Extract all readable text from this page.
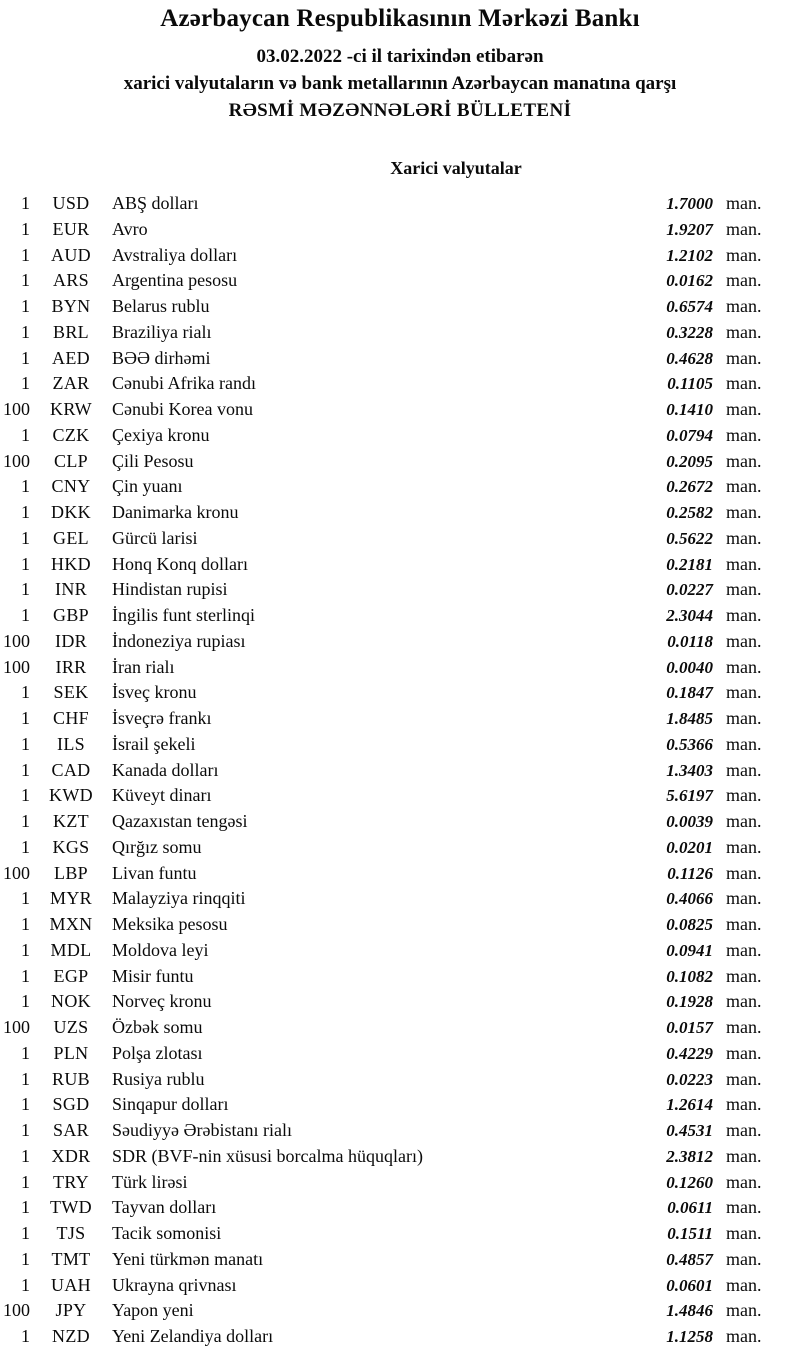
Azərbaycan Respublikasının Mərkəzi Bankı
03.02.2022 -ci il tarixindən etibarən
xarici valyutaların və bank metallarının Azərbaycan manatına qarşı
RƏSMİ MƏZƏNNƏLƏRİ BÜLLETENİ
Xarici valyutalar
1	USD	ABŞ dolları	1.7000 man.
1	EUR	Avro	1.9207 man.
1	AUD	Avstraliya dolları	1.2102 man.
1	ARS	Argentina pesosu	0.0162 man.
1	BYN	Belarus rublu	0.6574 man.
1	BRL	Braziliya rialı	0.3228 man.
1	AED	BƏƏ dirhəmi	0.4628 man.
1	ZAR	Cənubi Afrika randı	0.1105 man.
100	KRW	Cənubi Korea vonu	0.1410 man.
1	CZK	Çexiya kronu	0.0794 man.
100	CLP	Çili Pesosu	0.2095 man.
1	CNY	Çin yuanı	0.2672 man.
1	DKK	Danimarka kronu	0.2582 man.
1	GEL	Gürcü larisi	0.5622 man.
1	HKD	Honq Konq dolları	0.2181 man.
1	INR	Hindistan rupisi	0.0227 man.
1	GBP	İngilis funt sterlinqi	2.3044 man.
100	IDR	İndoneziya rupiası	0.0118 man.
100	IRR	İran rialı	0.0040 man.
1	SEK	İsveç kronu	0.1847 man.
1	CHF	İsveçrə frankı	1.8485 man.
1	ILS	İsrail şekeli	0.5366 man.
1	CAD	Kanada dolları	1.3403 man.
1	KWD	Küveyt dinarı	5.6197 man.
1	KZT	Qazaxıstan tengəsi	0.0039 man.
1	KGS	Qırğız somu	0.0201 man.
100	LBP	Livan funtu	0.1126 man.
1	MYR	Malayziya rinqqiti	0.4066 man.
1	MXN	Meksika pesosu	0.0825 man.
1	MDL	Moldova leyi	0.0941 man.
1	EGP	Misir funtu	0.1082 man.
1	NOK	Norveç kronu	0.1928 man.
100	UZS	Özbək somu	0.0157 man.
1	PLN	Polşa zlotası	0.4229 man.
1	RUB	Rusiya rublu	0.0223 man.
1	SGD	Sinqapur dolları	1.2614 man.
1	SAR	Səudiyyə Ərəbistanı rialı	0.4531 man.
1	XDR	SDR (BVF-nin xüsusi borcalma hüquqları)	2.3812 man.
1	TRY	Türk lirəsi	0.1260 man.
1	TWD	Tayvan dolları	0.0611 man.
1	TJS	Tacik somonisi	0.1511 man.
1	TMT	Yeni türkmən manatı	0.4857 man.
1	UAH	Ukrayna qrivnası	0.0601 man.
100	JPY	Yapon yeni	1.4846 man.
1	NZD	Yeni Zelandiya dolları	1.1258 man.
